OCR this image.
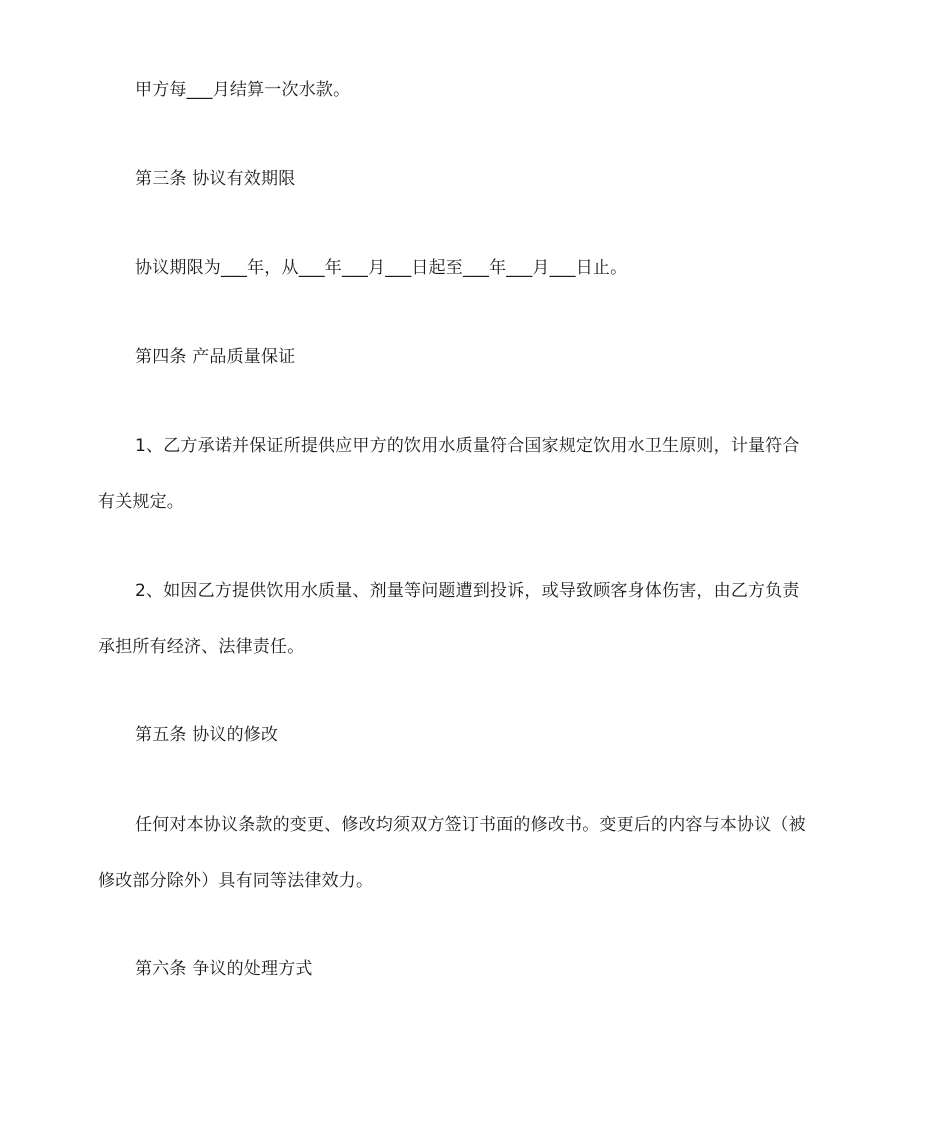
甲方每___月结算一次水款。
第三条 协议有效期限
协议期限为___年，从___年___月___日起至___年___月___日止。
第四条 产品质量保证
1、乙方承诺并保证所提供应甲方的饮用水质量符合国家规定饮用水卫生原则，计量符合
有关规定。
2、如因乙方提供饮用水质量、剂量等问题遭到投诉，或导致顾客身体伤害，由乙方负责
承担所有经济、法律责任。
第五条 协议的修改
任何对本协议条款的变更、修改均须双方签订书面的修改书。变更后的内容与本协议（被
修改部分除外）具有同等法律效力。
第六条 争议的处理方式
